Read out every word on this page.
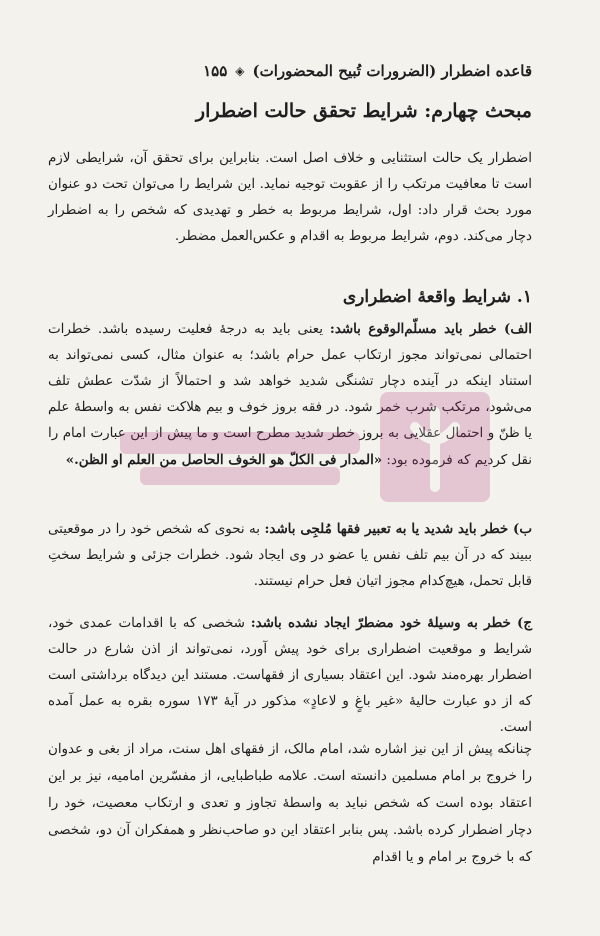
قاعده اضطرار (الضرورات تُبیح المحضورات)
◈
۱۵۵
مبحث چهارم: شرایط تحقق حالت اضطرار

اضطرار یک حالت استثنایی و خلاف اصل است. بنابراین برای تحقق آن، شرایطی لازم است تا معافیت مرتکب را از عقوبت توجیه نماید. این شرایط را می‌توان تحت دو عنوان مورد بحث قرار داد: اول، شرایط مربوط به خطر و تهدیدی که شخص را به اضطرار دچار می‌کند. دوم، شرایط مربوط به اقدام و عکس‌العمل مضطر.

۱. شرایط واقعهٔ اضطراری

الف) خطر باید مسلّم‌الوقوع باشد: یعنی باید به درجهٔ فعلیت رسیده باشد. خطرات احتمالی نمی‌تواند مجوز ارتکاب عمل حرام باشد؛ به عنوان مثال، کسی نمی‌تواند به استناد اینکه در آینده دچار تشنگی شدید خواهد شد و احتمالاً از شدّت عطش تلف می‌شود، مرتکب شرب خمر شود. در فقه بروز خوف و بیم هلاکت نفس به واسطهٔ علم یا ظنّ و احتمال عقلایی به بروز خطر شدید مطرح است و ما پیش از این عبارت امام را نقل کردیم که فرموده بود: «المدار فی الکلّ هو الخوف الحاصل من العلم او الظن.»

ب) خطر باید شدید یا به تعبیر فقها مُلجِی باشد: به نحوی که شخص خود را در موقعیتی ببیند که در آن بیم تلف نفس یا عضو در وی ایجاد شود. خطرات جزئی و شرایط سختِ قابل تحمل، هیچ‌کدام مجوز اتیان فعل حرام نیستند.

ج) خطر به وسیلهٔ خود مضطرّ ایجاد نشده باشد: شخصی که با اقدامات عمدی خود، شرایط و موقعیت اضطراری برای خود پیش آورد، نمی‌تواند از اذن شارع در حالت اضطرار بهره‌مند شود. این اعتقاد بسیاری از فقهاست. مستند این دیدگاه برداشتی است که از دو عبارت حالیهٔ «غیر باغٍ و لاعادٍ» مذکور در آیهٔ ۱۷۳ سوره بقره به عمل آمده است.

چنانکه پیش از این نیز اشاره شد، امام مالک، از فقهای اهل سنت، مراد از بغی و عدوان را خروج بر امام مسلمین دانسته است. علامه طباطبایی، از مفسّرین امامیه، نیز بر این اعتقاد بوده است که شخص نباید به واسطهٔ تجاوز و تعدی و ارتکاب معصیت، خود را دچار اضطرار کرده باشد. پس بنابر اعتقاد این دو صاحب‌نظر و همفکران آن دو، شخصی که با خروج بر امام و یا اقدام
